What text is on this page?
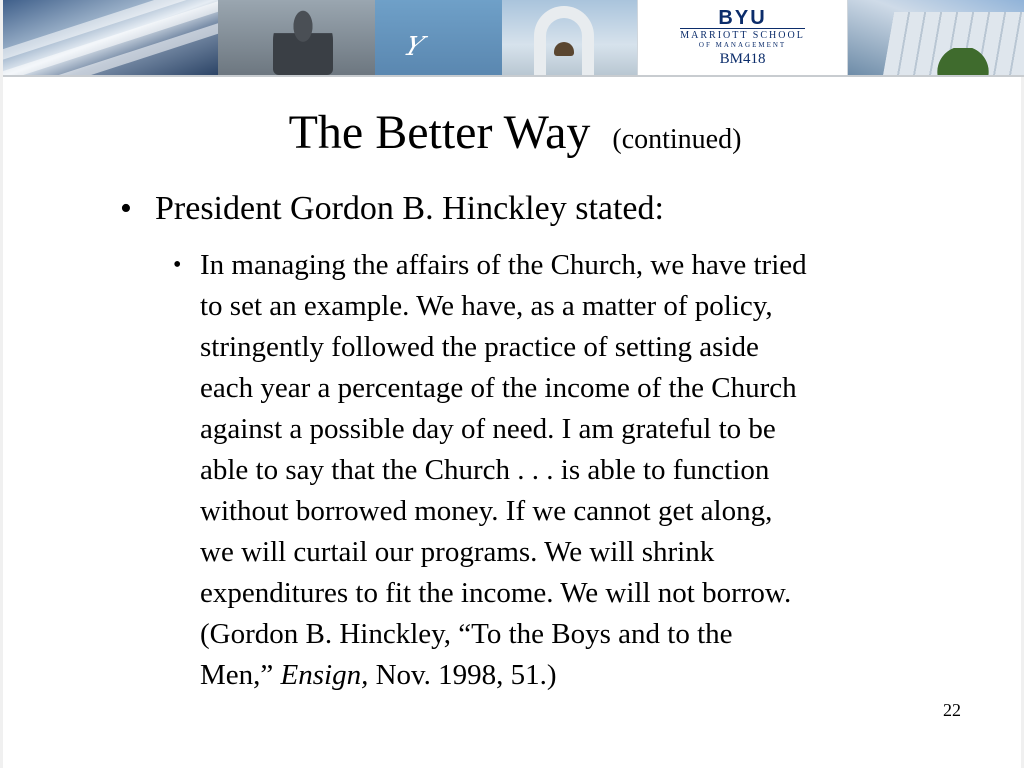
Y
BYU
MARRIOTT SCHOOL
OF MANAGEMENT
BM418
The Better Way (continued)
• President Gordon B. Hinckley stated:
• In managing the affairs of the Church, we have tried
to set an example. We have, as a matter of policy,
stringently followed the practice of setting aside
each year a percentage of the income of the Church
against a possible day of need. I am grateful to be
able to say that the Church . . . is able to function
without borrowed money. If we cannot get along,
we will curtail our programs. We will shrink
expenditures to fit the income. We will not borrow.
(Gordon B. Hinckley, “To the Boys and to the
Men,” Ensign, Nov. 1998, 51.)
22
